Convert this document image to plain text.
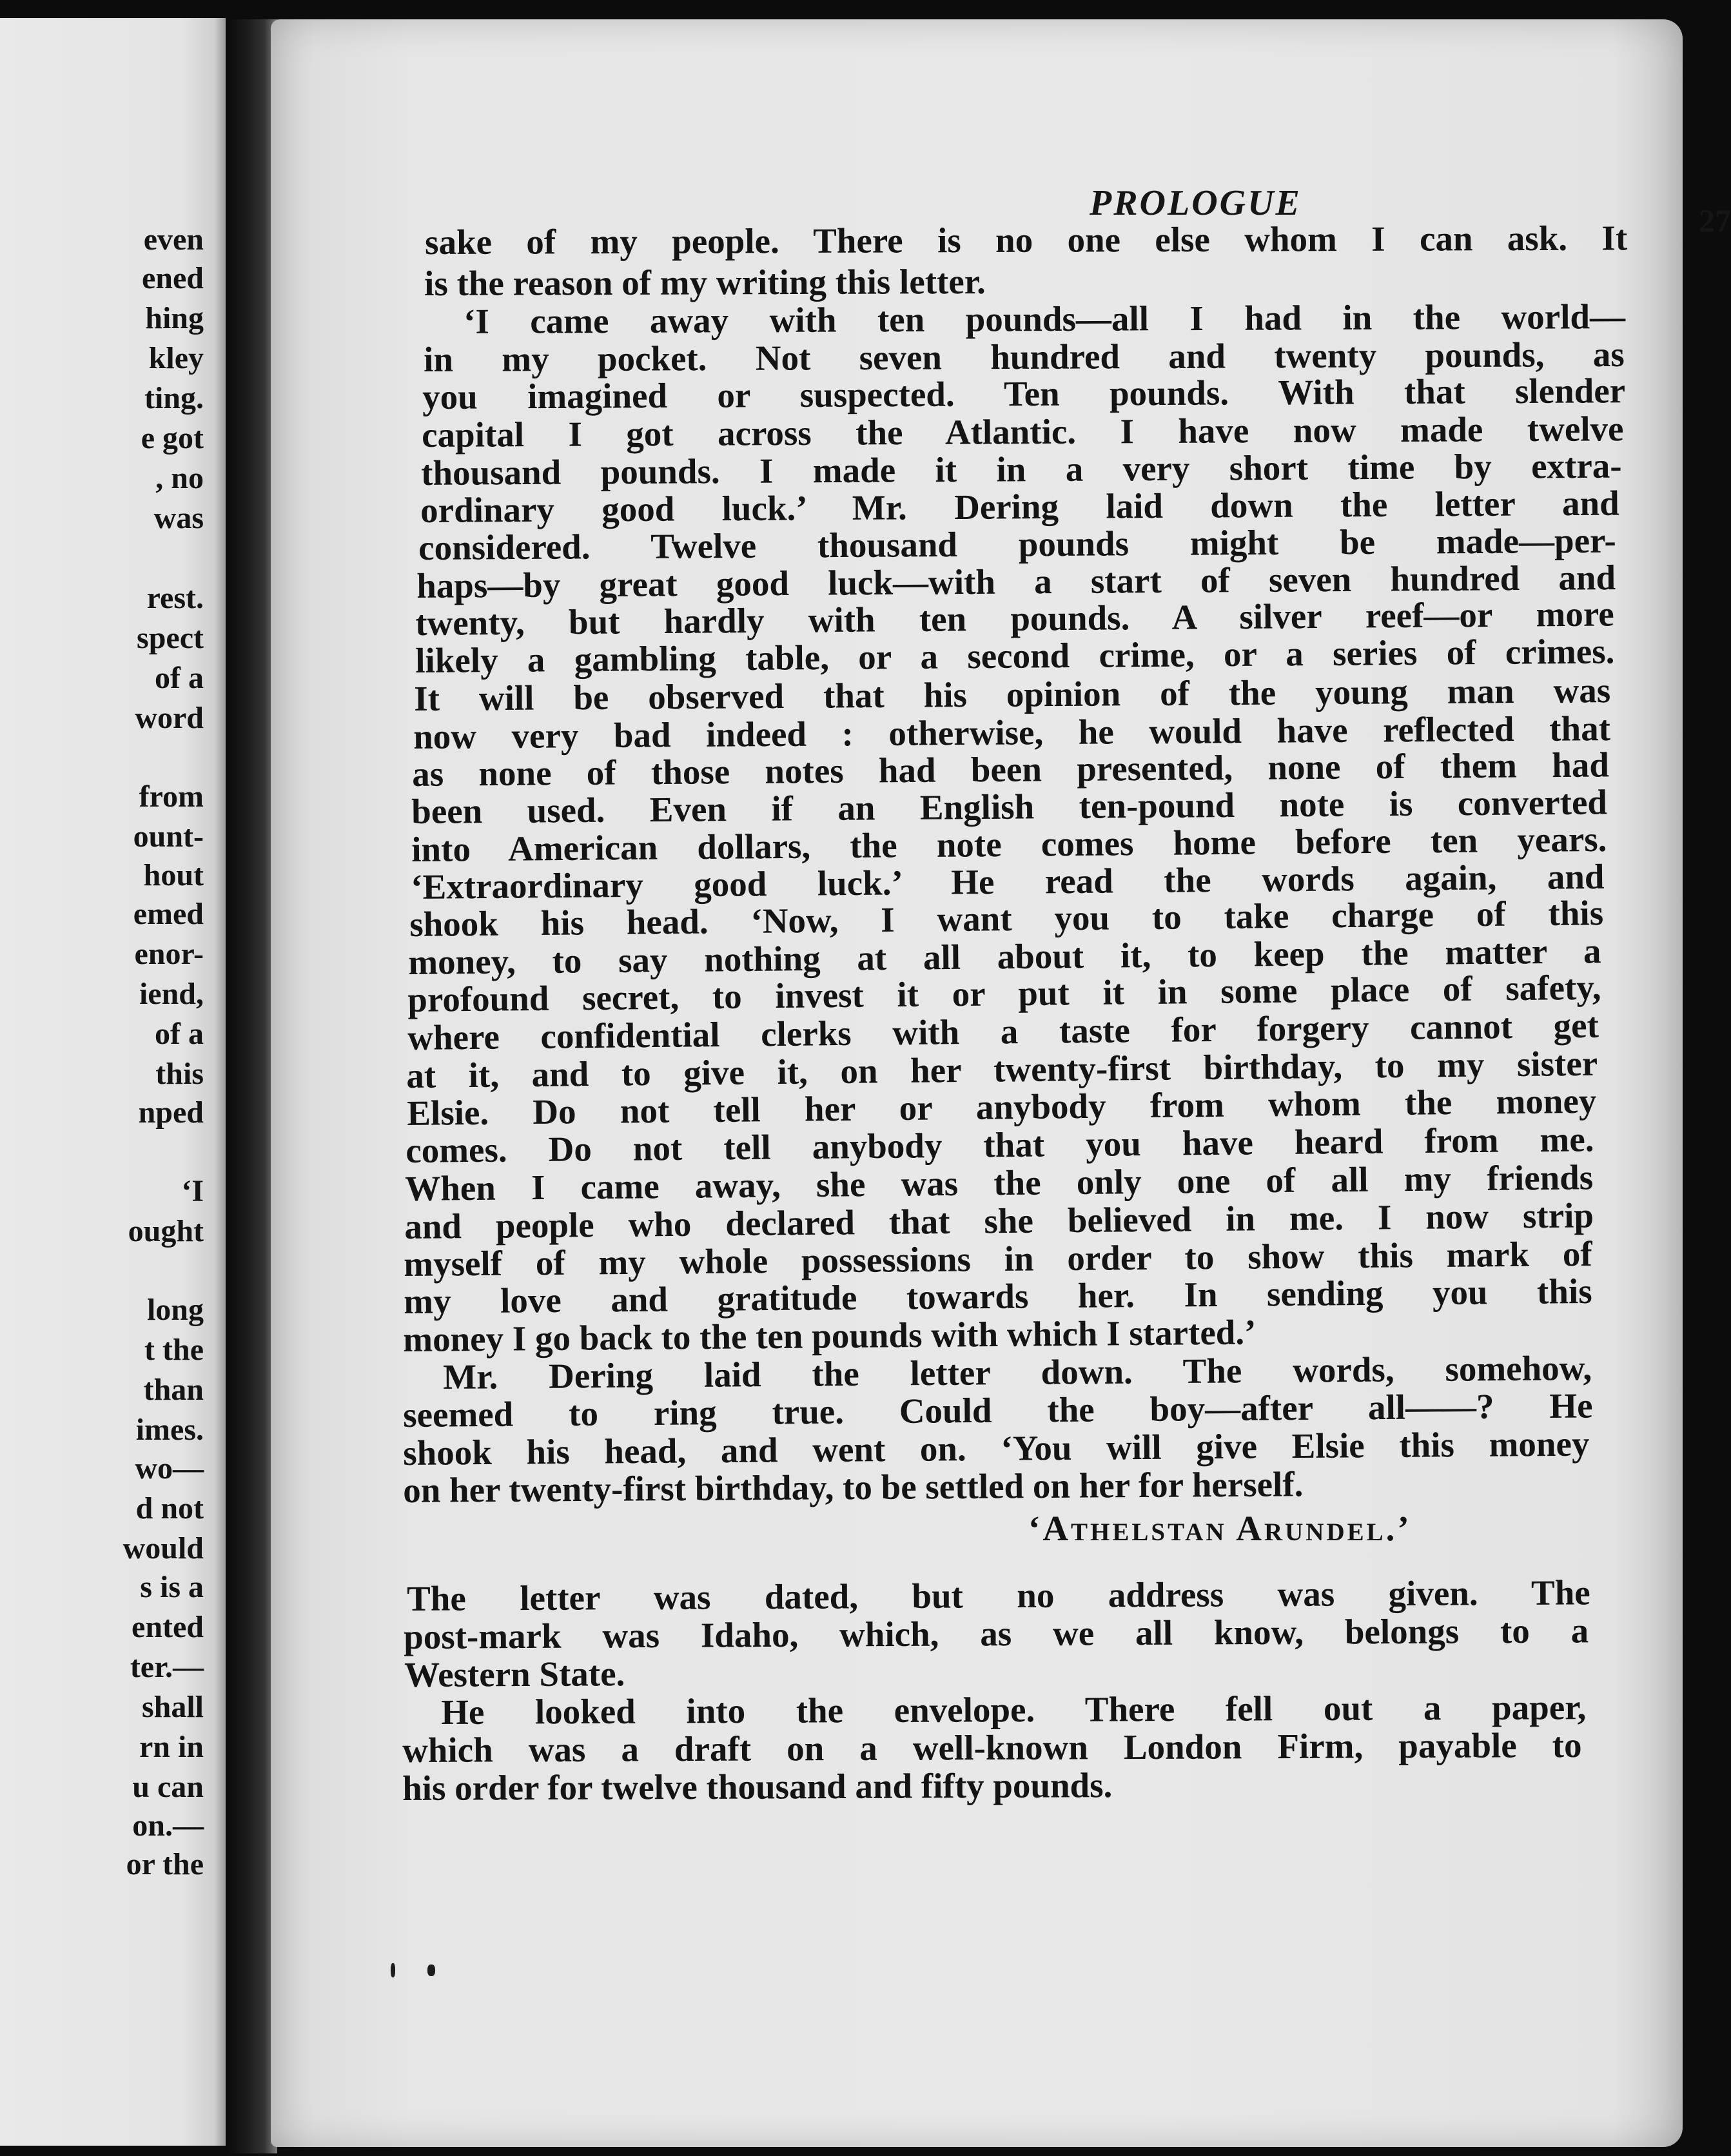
even
ened
hing
kley
ting.
e got
, no
was
rest.
spect
of a
word
from
ount-
hout
emed
enor-
iend,
of a
this
nped
‘I
ought
long
t the
than
imes.
wo—
d not
would
s is a
ented
ter.—
shall
rn in
u can
on.—
or the
PROLOGUE	27
sake of my people. There is no one else whom I can ask. It
is the reason of my writing this letter.
‘I came away with ten pounds—all I had in the world—
in my pocket. Not seven hundred and twenty pounds, as
you imagined or suspected. Ten pounds. With that slender
capital I got across the Atlantic. I have now made twelve
thousand pounds. I made it in a very short time by extra-
ordinary good luck.’ Mr. Dering laid down the letter and
considered. Twelve thousand pounds might be made—per-
haps—by great good luck—with a start of seven hundred and
twenty, but hardly with ten pounds. A silver reef—or more
likely a gambling table, or a second crime, or a series of crimes.
It will be observed that his opinion of the young man was
now very bad indeed : otherwise, he would have reflected that
as none of those notes had been presented, none of them had
been used. Even if an English ten-pound note is converted
into American dollars, the note comes home before ten years.
‘Extraordinary good luck.’ He read the words again, and
shook his head. ‘Now, I want you to take charge of this
money, to say nothing at all about it, to keep the matter a
profound secret, to invest it or put it in some place of safety,
where confidential clerks with a taste for forgery cannot get
at it, and to give it, on her twenty-first birthday, to my sister
Elsie. Do not tell her or anybody from whom the money
comes. Do not tell anybody that you have heard from me.
When I came away, she was the only one of all my friends
and people who declared that she believed in me. I now strip
myself of my whole possessions in order to show this mark of
my love and gratitude towards her. In sending you this
money I go back to the ten pounds with which I started.’
Mr. Dering laid the letter down. The words, somehow,
seemed to ring true. Could the boy—after all——? He
shook his head, and went on. ‘You will give Elsie this money
on her twenty-first birthday, to be settled on her for herself.
‘Athelstan Arundel.’
The letter was dated, but no address was given. The
post-mark was Idaho, which, as we all know, belongs to a
Western State.
He looked into the envelope. There fell out a paper,
which was a draft on a well-known London Firm, payable to
his order for twelve thousand and fifty pounds.
